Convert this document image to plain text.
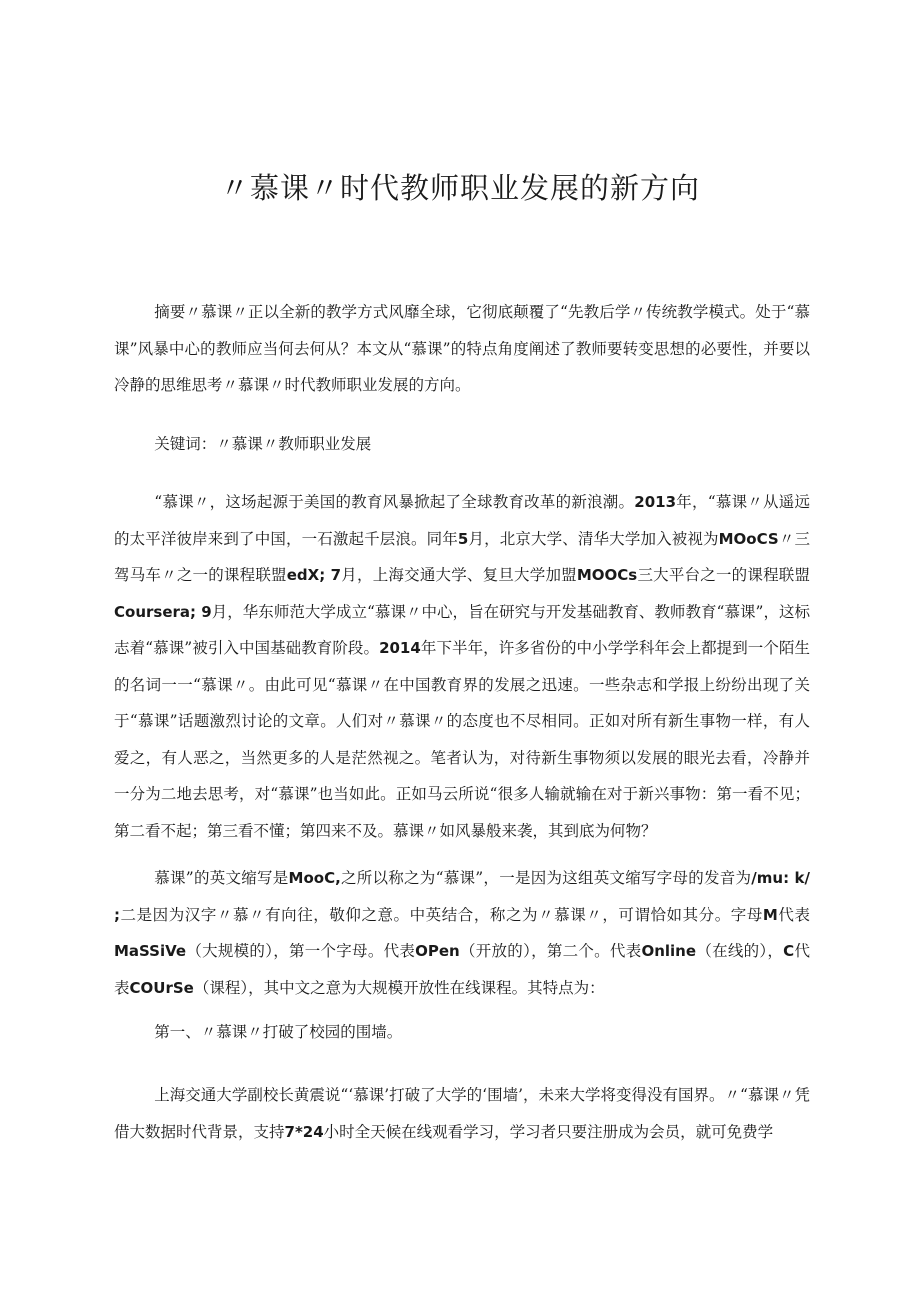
〃慕课〃时代教师职业发展的新方向

摘要〃慕课〃正以全新的教学方式风靡全球，它彻底颠覆了“先教后学〃传统教学模式。处于“慕课”风暴中心的教师应当何去何从？本文从“慕课”的特点角度阐述了教师要转变思想的必要性，并要以冷静的思维思考〃慕课〃时代教师职业发展的方向。

关键词：〃慕课〃教师职业发展

“慕课〃，这场起源于美国的教育风暴掀起了全球教育改革的新浪潮。2013年，“慕课〃从遥远的太平洋彼岸来到了中国，一石激起千层浪。同年5月，北京大学、清华大学加入被视为MOoCS〃三驾马车〃之一的课程联盟edX; 7月，上海交通大学、复旦大学加盟MOOCs三大平台之一的课程联盟Coursera; 9月，华东师范大学成立“慕课〃中心，旨在研究与开发基础教育、教师教育“慕课”，这标志着“慕课”被引入中国基础教育阶段。2014年下半年，许多省份的中小学学科年会上都提到一个陌生的名词一一“慕课〃。由此可见“慕课〃在中国教育界的发展之迅速。一些杂志和学报上纷纷出现了关于“慕课”话题激烈讨论的文章。人们对〃慕课〃的态度也不尽相同。正如对所有新生事物一样，有人爱之，有人恶之，当然更多的人是茫然视之。笔者认为，对待新生事物须以发展的眼光去看，冷静并一分为二地去思考，对“慕课”也当如此。正如马云所说“很多人输就输在对于新兴事物：第一看不见；第二看不起；第三看不懂；第四来不及。慕课〃如风暴般来袭，其到底为何物？

慕课”的英文缩写是MooC,之所以称之为“慕课”，一是因为这组英文缩写字母的发音为/mu: k/ ;二是因为汉字〃慕〃有向往，敬仰之意。中英结合，称之为〃慕课〃，可谓恰如其分。字母M代表MaSSiVe（大规模的），第一个字母。代表OPen（开放的），第二个。代表Online（在线的），C代表COUrSe（课程），其中文之意为大规模开放性在线课程。其特点为：

第一、〃慕课〃打破了校园的围墙。

上海交通大学副校长黄震说“‘慕课’打破了大学的‘围墙’，未来大学将变得没有国界。〃“慕课〃凭借大数据时代背景，支持7*24小时全天候在线观看学习，学习者只要注册成为会员，就可免费学
